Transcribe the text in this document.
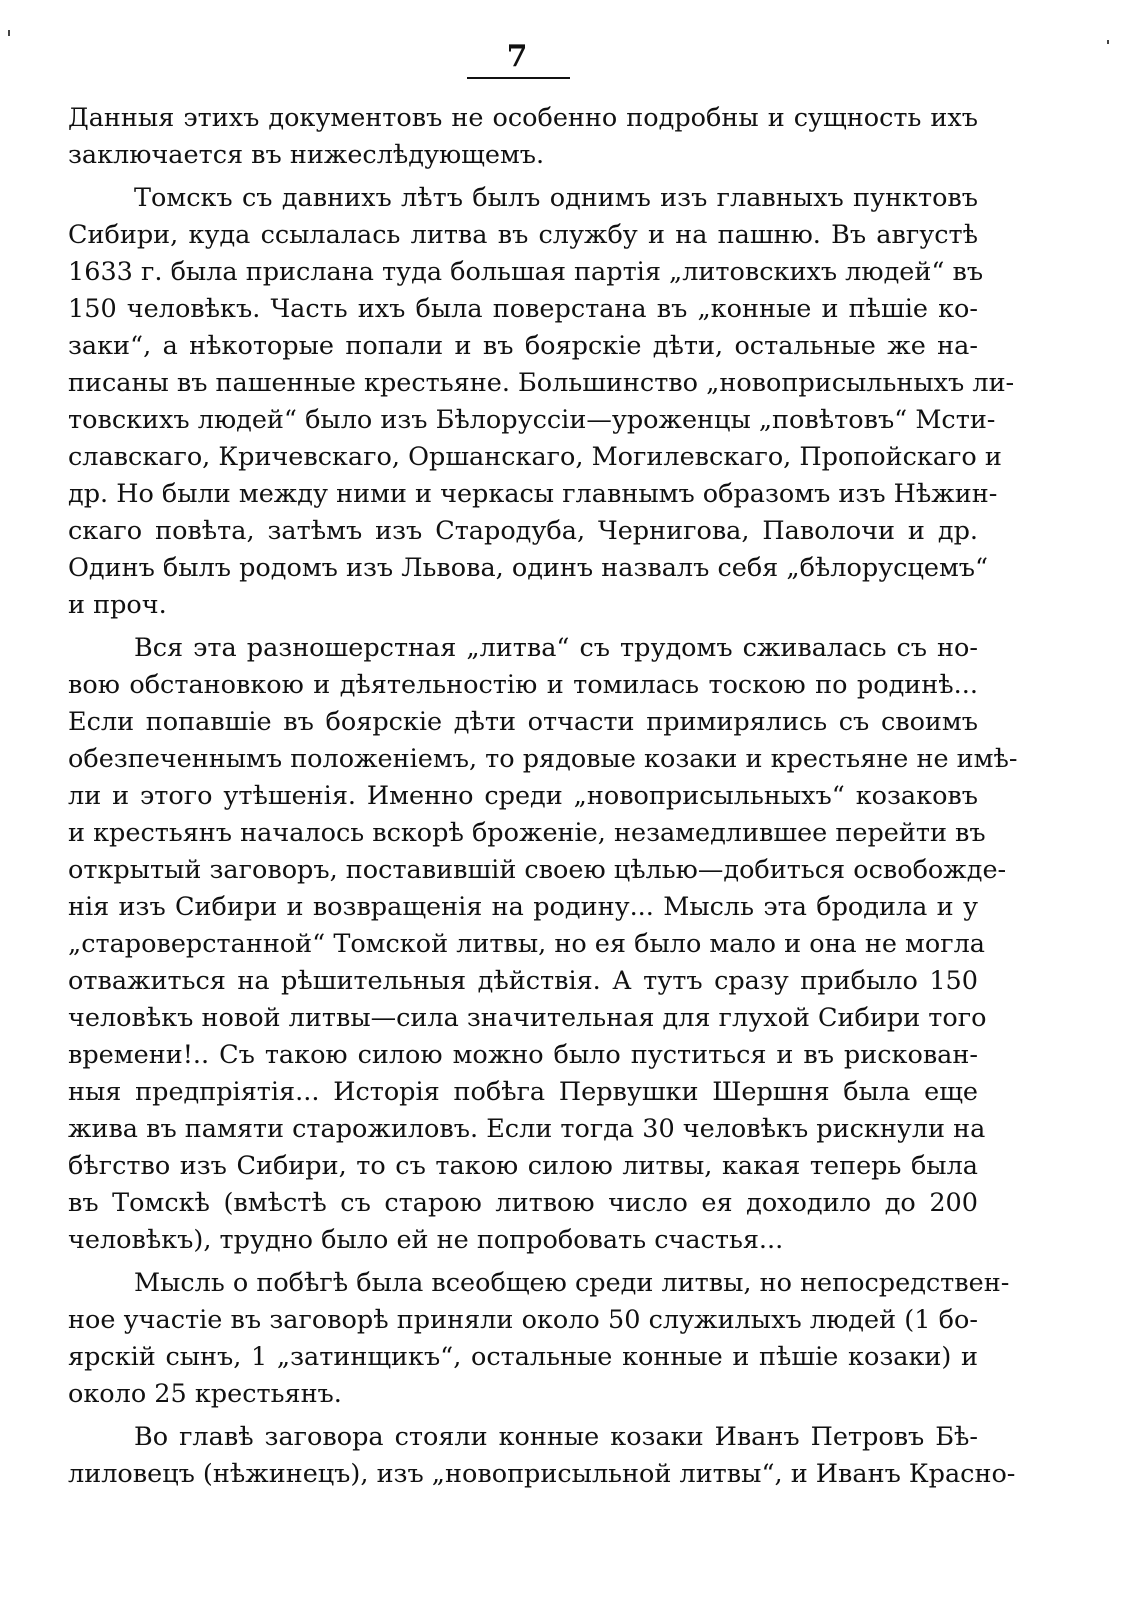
7
Данныя этихъ документовъ не особенно подробны и сущность ихъ
заключается въ нижеслѣдующемъ.
Томскъ съ давнихъ лѣтъ былъ однимъ изъ главныхъ пунктовъ
Сибири, куда ссылалась литва въ службу и на пашню. Въ августѣ
1633 г. была прислана туда большая партія „литовскихъ людей“ въ
150 человѣкъ. Часть ихъ была поверстана въ „конные и пѣшіе ко-
заки“, а нѣкоторые попали и въ боярскіе дѣти, остальные же на-
писаны въ пашенные крестьяне. Большинство „новоприсыльныхъ ли-
товскихъ людей“ было изъ Бѣлоруссіи—уроженцы „повѣтовъ“ Мсти-
славскаго, Кричевскаго, Оршанскаго, Могилевскаго, Пропойскаго и
др. Но были между ними и черкасы главнымъ образомъ изъ Нѣжин-
скаго повѣта, затѣмъ изъ Стародуба, Чернигова, Паволочи и др.
Одинъ былъ родомъ изъ Львова, одинъ назвалъ себя „бѣлорусцемъ“
и проч.
Вся эта разношерстная „литва“ съ трудомъ сживалась съ но-
вою обстановкою и дѣятельностію и томилась тоскою по родинѣ...
Если попавшіе въ боярскіе дѣти отчасти примирялись съ своимъ
обезпеченнымъ положеніемъ, то рядовые козаки и крестьяне не имѣ-
ли и этого утѣшенія. Именно среди „новоприсыльныхъ“ козаковъ
и крестьянъ началось вскорѣ броженіе, незамедлившее перейти въ
открытый заговоръ, поставившій своею цѣлью—добиться освобожде-
нія изъ Сибири и возвращенія на родину... Мысль эта бродила и у
„староверстанной“ Томской литвы, но ея было мало и она не могла
отважиться на рѣшительныя дѣйствія. А тутъ сразу прибыло 150
человѣкъ новой литвы—сила значительная для глухой Сибири того
времени!.. Съ такою силою можно было пуститься и въ рискован-
ныя предпріятія... Исторія побѣга Первушки Шершня была еще
жива въ памяти старожиловъ. Если тогда 30 человѣкъ рискнули на
бѣгство изъ Сибири, то съ такою силою литвы, какая теперь была
въ Томскѣ (вмѣстѣ съ старою литвою число ея доходило до 200
человѣкъ), трудно было ей не попробовать счастья...
Мысль о побѣгѣ была всеобщею среди литвы, но непосредствен-
ное участіе въ заговорѣ приняли около 50 служилыхъ людей (1 бо-
ярскій сынъ, 1 „затинщикъ“, остальные конные и пѣшіе козаки) и
около 25 крестьянъ.
Во главѣ заговора стояли конные козаки Иванъ Петровъ Бѣ-
лиловецъ (нѣжинецъ), изъ „новоприсыльной литвы“, и Иванъ Красно-
